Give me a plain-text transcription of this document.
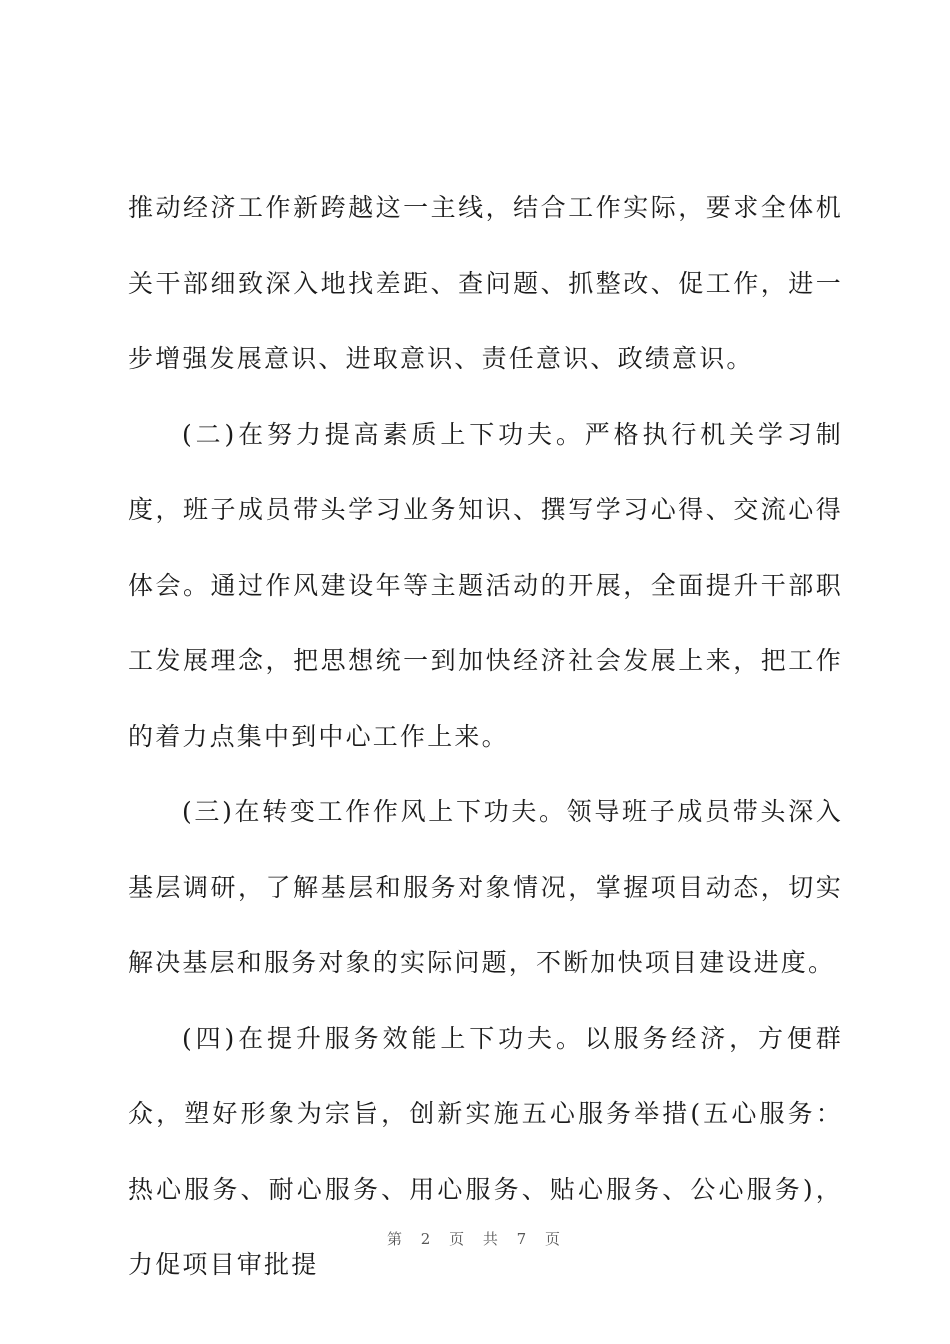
推动经济工作新跨越这一主线，结合工作实际，要求全体机关干部细致深入地找差距、查问题、抓整改、促工作，进一步增强发展意识、进取意识、责任意识、政绩意识。

(二)在努力提高素质上下功夫。严格执行机关学习制度，班子成员带头学习业务知识、撰写学习心得、交流心得体会。通过作风建设年等主题活动的开展，全面提升干部职工发展理念，把思想统一到加快经济社会发展上来，把工作的着力点集中到中心工作上来。

(三)在转变工作作风上下功夫。领导班子成员带头深入基层调研，了解基层和服务对象情况，掌握项目动态，切实解决基层和服务对象的实际问题，不断加快项目建设进度。

(四)在提升服务效能上下功夫。以服务经济，方便群众，塑好形象为宗旨，创新实施五心服务举措(五心服务：热心服务、耐心服务、用心服务、贴心服务、公心服务)，力促项目审批提

第 2 页 共 7 页
